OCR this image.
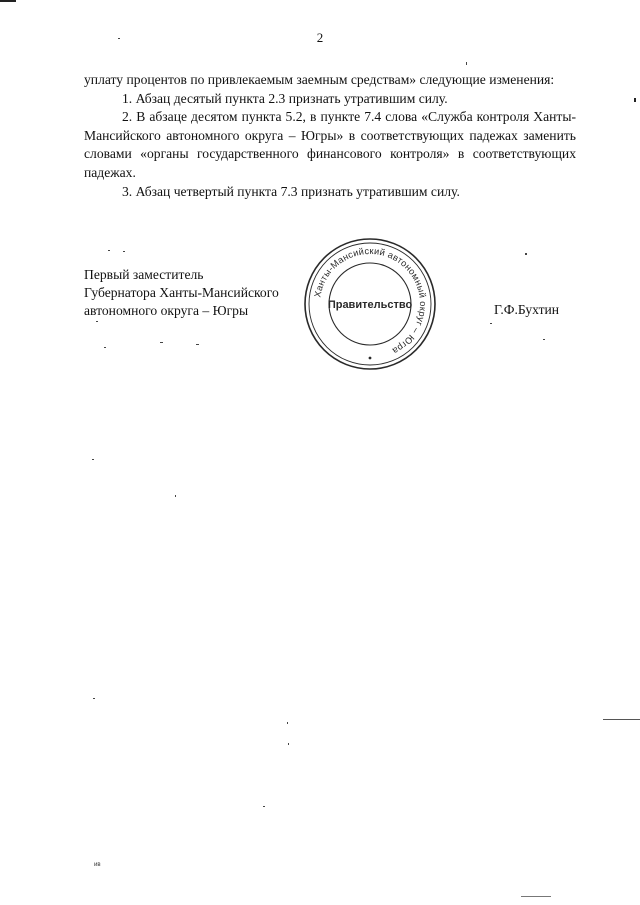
2

уплату процентов по привлекаемым заемным средствам» следующие изменения:

1. Абзац десятый пункта 2.3 признать утратившим силу.

2. В абзаце десятом пункта 5.2, в пункте 7.4 слова «Служба контроля Ханты-Мансийского автономного округа – Югры» в соответствующих падежах заменить словами «органы государственного финансового контроля» в соответствующих падежах.

3. Абзац четвертый пункта 7.3 признать утратившим силу.

Первый заместитель
Губернатора Ханты-Мансийского
автономного округа – Югры
Ханты-Мансийский автономный округ – Югра
Правительство	Г.Ф.Бухтин
ив
